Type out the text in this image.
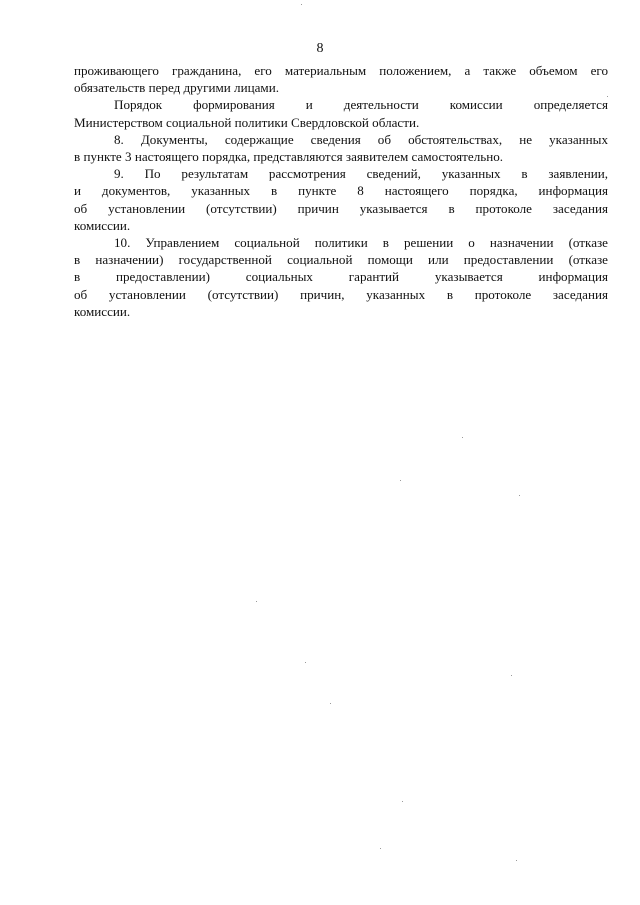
8

проживающего гражданина, его материальным положением, а также объемом его
обязательств перед другими лицами.

Порядок формирования и деятельности комиссии определяется
Министерством социальной политики Свердловской области.

8. Документы, содержащие сведения об обстоятельствах, не указанных
в пункте 3 настоящего порядка, представляются заявителем самостоятельно.

9. По результатам рассмотрения сведений, указанных в заявлении,
и документов, указанных в пункте 8 настоящего порядка, информация
об установлении (отсутствии) причин указывается в протоколе заседания
комиссии.

10. Управлением социальной политики в решении о назначении (отказе
в назначении) государственной социальной помощи или предоставлении (отказе
в предоставлении) социальных гарантий указывается информация
об установлении (отсутствии) причин, указанных в протоколе заседания
комиссии.
